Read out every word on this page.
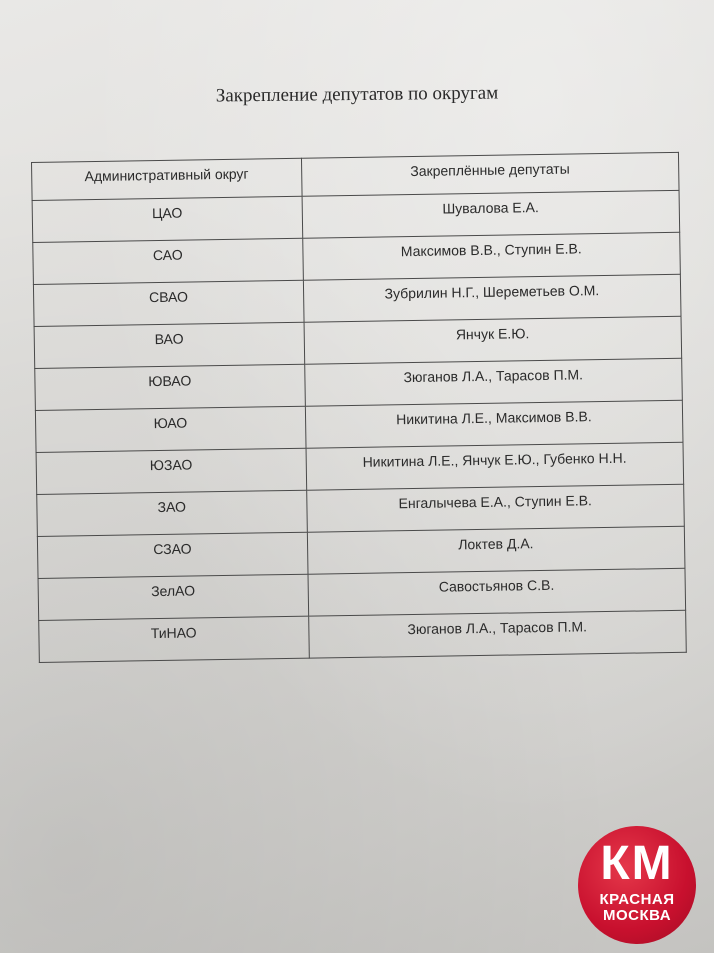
Закрепление депутатов по округам
Административный округ	Закреплённые депутаты
ЦАО	Шувалова Е.А.
САО	Максимов В.В., Ступин Е.В.
СВАО	Зубрилин Н.Г., Шереметьев О.М.
ВАО	Янчук Е.Ю.
ЮВАО	Зюганов Л.А., Тарасов П.М.
ЮАО	Никитина Л.Е., Максимов В.В.
ЮЗАО	Никитина Л.Е., Янчук Е.Ю., Губенко Н.Н.
ЗАО	Енгалычева Е.А., Ступин Е.В.
СЗАО	Локтев Д.А.
ЗелАО	Савостьянов С.В.
ТиНАО	Зюганов Л.А., Тарасов П.М.
КМ
КРАСНАЯ
МОСКВА
